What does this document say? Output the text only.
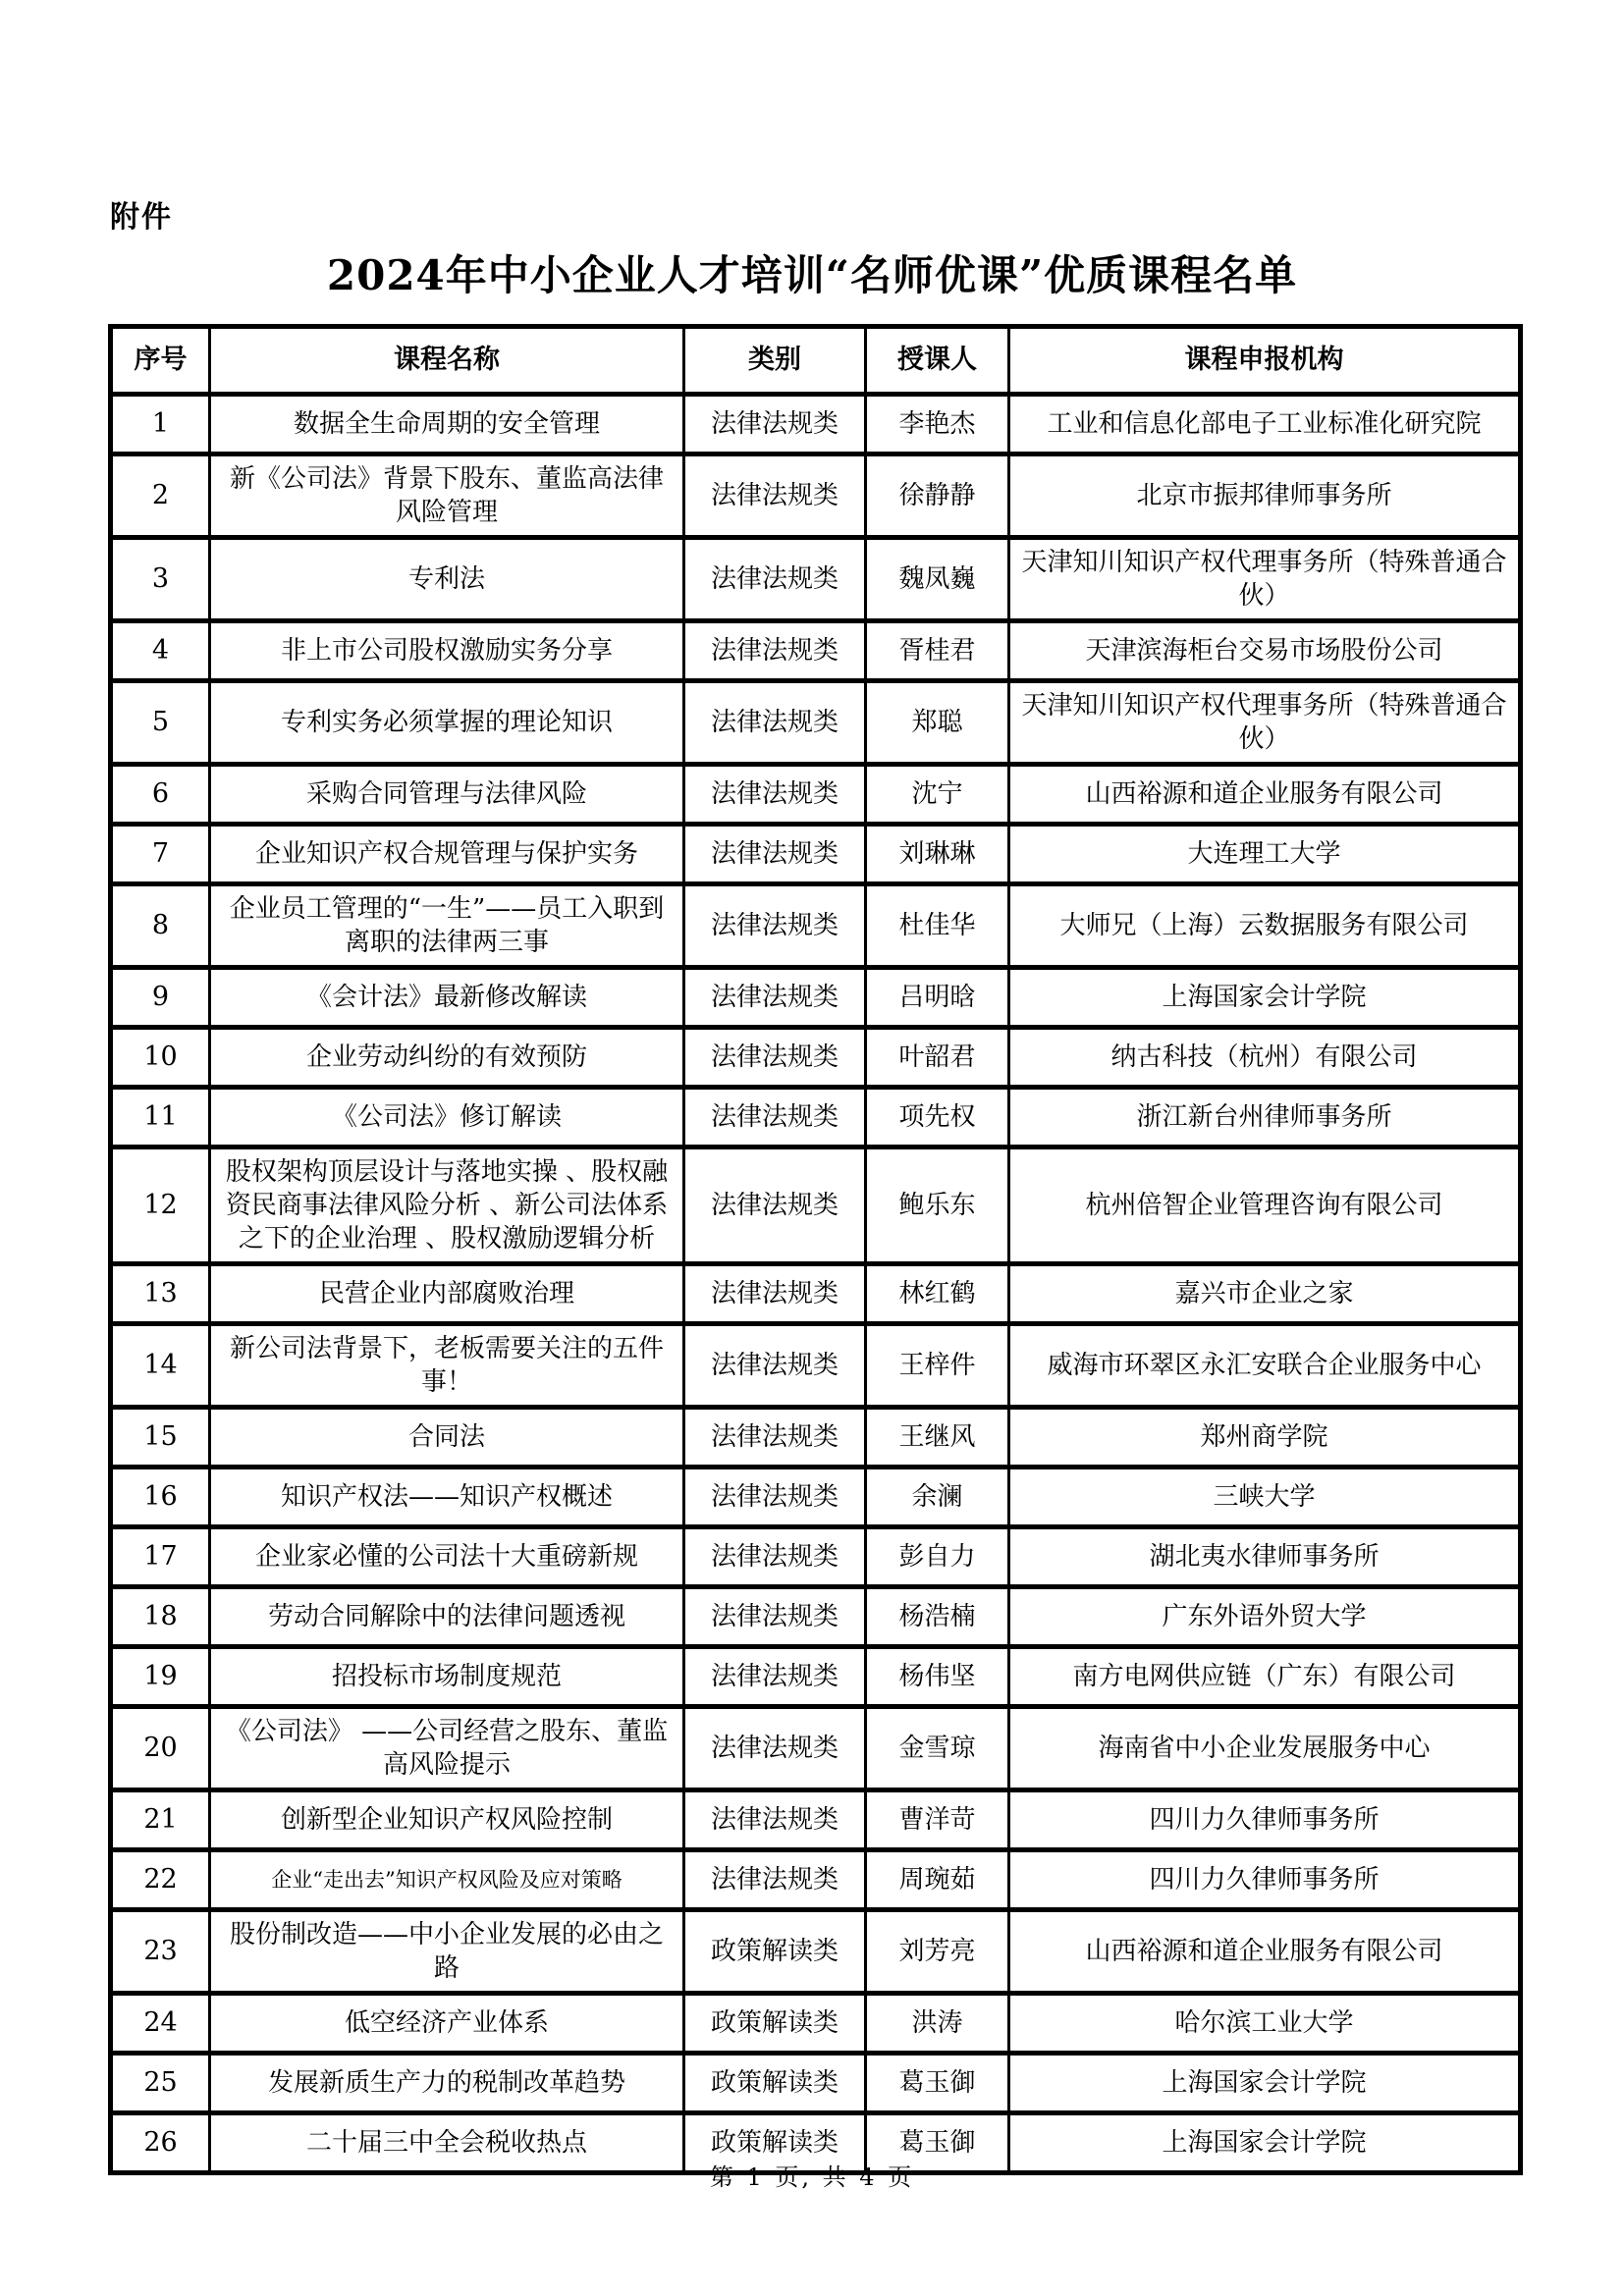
附件
2024年中小企业人才培训“名师优课”优质课程名单
序号	课程名称	类别	授课人	课程申报机构
1	数据全生命周期的安全管理	法律法规类	李艳杰	工业和信息化部电子工业标准化研究院
2	新《公司法》背景下股东、董监高法律风险管理	法律法规类	徐静静	北京市振邦律师事务所
3	专利法	法律法规类	魏凤巍	天津知川知识产权代理事务所（特殊普通合伙）
4	非上市公司股权激励实务分享	法律法规类	胥桂君	天津滨海柜台交易市场股份公司
5	专利实务必须掌握的理论知识	法律法规类	郑聪	天津知川知识产权代理事务所（特殊普通合伙）
6	采购合同管理与法律风险	法律法规类	沈宁	山西裕源和道企业服务有限公司
7	企业知识产权合规管理与保护实务	法律法规类	刘琳琳	大连理工大学
8	企业员工管理的“一生”——员工入职到离职的法律两三事	法律法规类	杜佳华	大师兄（上海）云数据服务有限公司
9	《会计法》最新修改解读	法律法规类	吕明晗	上海国家会计学院
10	企业劳动纠纷的有效预防	法律法规类	叶韶君	纳古科技（杭州）有限公司
11	《公司法》修订解读	法律法规类	项先权	浙江新台州律师事务所
12	股权架构顶层设计与落地实操 、股权融资民商事法律风险分析 、新公司法体系之下的企业治理 、股权激励逻辑分析	法律法规类	鲍乐东	杭州倍智企业管理咨询有限公司
13	民营企业内部腐败治理	法律法规类	林红鹤	嘉兴市企业之家
14	新公司法背景下，老板需要关注的五件事！	法律法规类	王梓件	威海市环翠区永汇安联合企业服务中心
15	合同法	法律法规类	王继风	郑州商学院
16	知识产权法——知识产权概述	法律法规类	余澜	三峡大学
17	企业家必懂的公司法十大重磅新规	法律法规类	彭自力	湖北夷水律师事务所
18	劳动合同解除中的法律问题透视	法律法规类	杨浩楠	广东外语外贸大学
19	招投标市场制度规范	法律法规类	杨伟坚	南方电网供应链（广东）有限公司
20	《公司法》 ——公司经营之股东、董监高风险提示	法律法规类	金雪琼	海南省中小企业发展服务中心
21	创新型企业知识产权风险控制	法律法规类	曹洋苛	四川力久律师事务所
22	企业“走出去”知识产权风险及应对策略	法律法规类	周琬茹	四川力久律师事务所
23	股份制改造——中小企业发展的必由之路	政策解读类	刘芳亮	山西裕源和道企业服务有限公司
24	低空经济产业体系	政策解读类	洪涛	哈尔滨工业大学
25	发展新质生产力的税制改革趋势	政策解读类	葛玉御	上海国家会计学院
26	二十届三中全会税收热点	政策解读类	葛玉御	上海国家会计学院
第 1 页, 共 4 页
